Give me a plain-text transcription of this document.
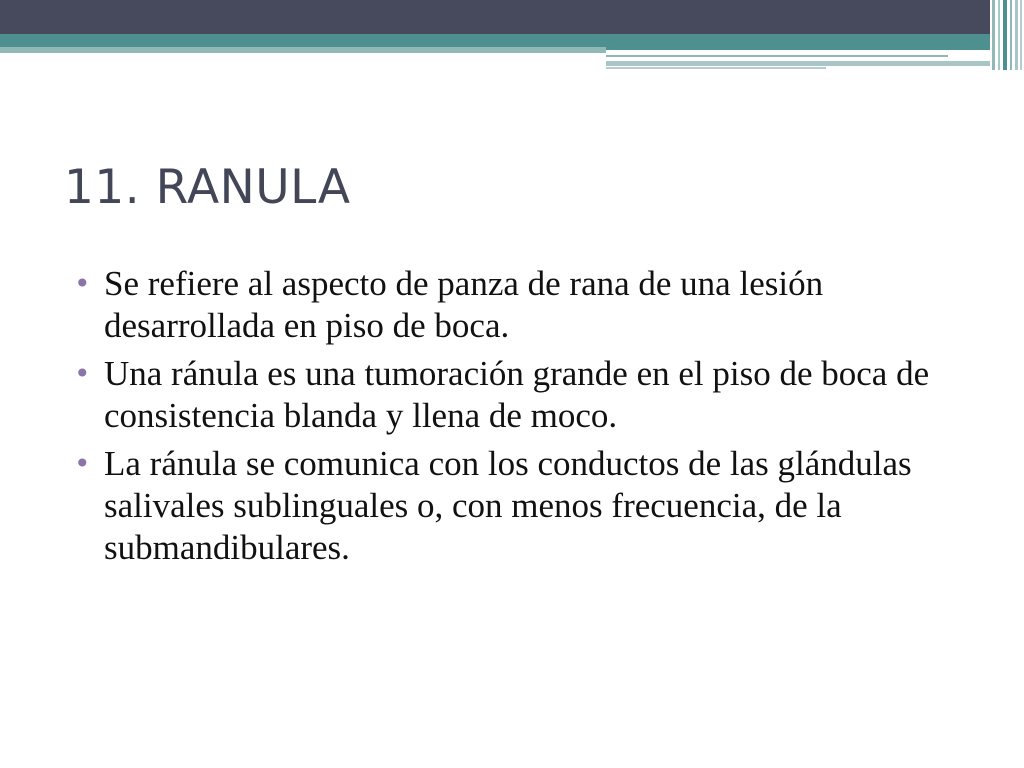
11. RANULA
• Se refiere al aspecto de panza de rana de una lesión desarrollada en piso de boca.
• Una ránula es una tumoración grande en el piso de boca de consistencia blanda y llena de moco.
• La ránula se comunica con los conductos de las glándulas salivales sublinguales o, con menos frecuencia, de la submandibulares.
